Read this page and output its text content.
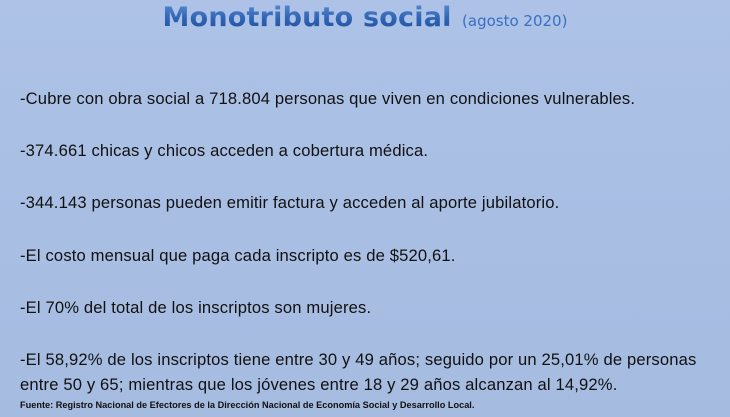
Monotributo social (agosto 2020)
-Cubre con obra social a 718.804 personas que viven en condiciones vulnerables.
-374.661 chicas y chicos acceden a cobertura médica.
-344.143 personas pueden emitir factura y acceden al aporte jubilatorio.
-El costo mensual que paga cada inscripto es de $520,61.
-El 70% del total de los inscriptos son mujeres.
-El 58,92% de los inscriptos tiene entre 30 y 49 años; seguido por un 25,01% de personas
entre 50 y 65; mientras que los jóvenes entre 18 y 29 años alcanzan al 14,92%.
Fuente: Registro Nacional de Efectores de la Dirección Nacional de Economía Social y Desarrollo Local.
